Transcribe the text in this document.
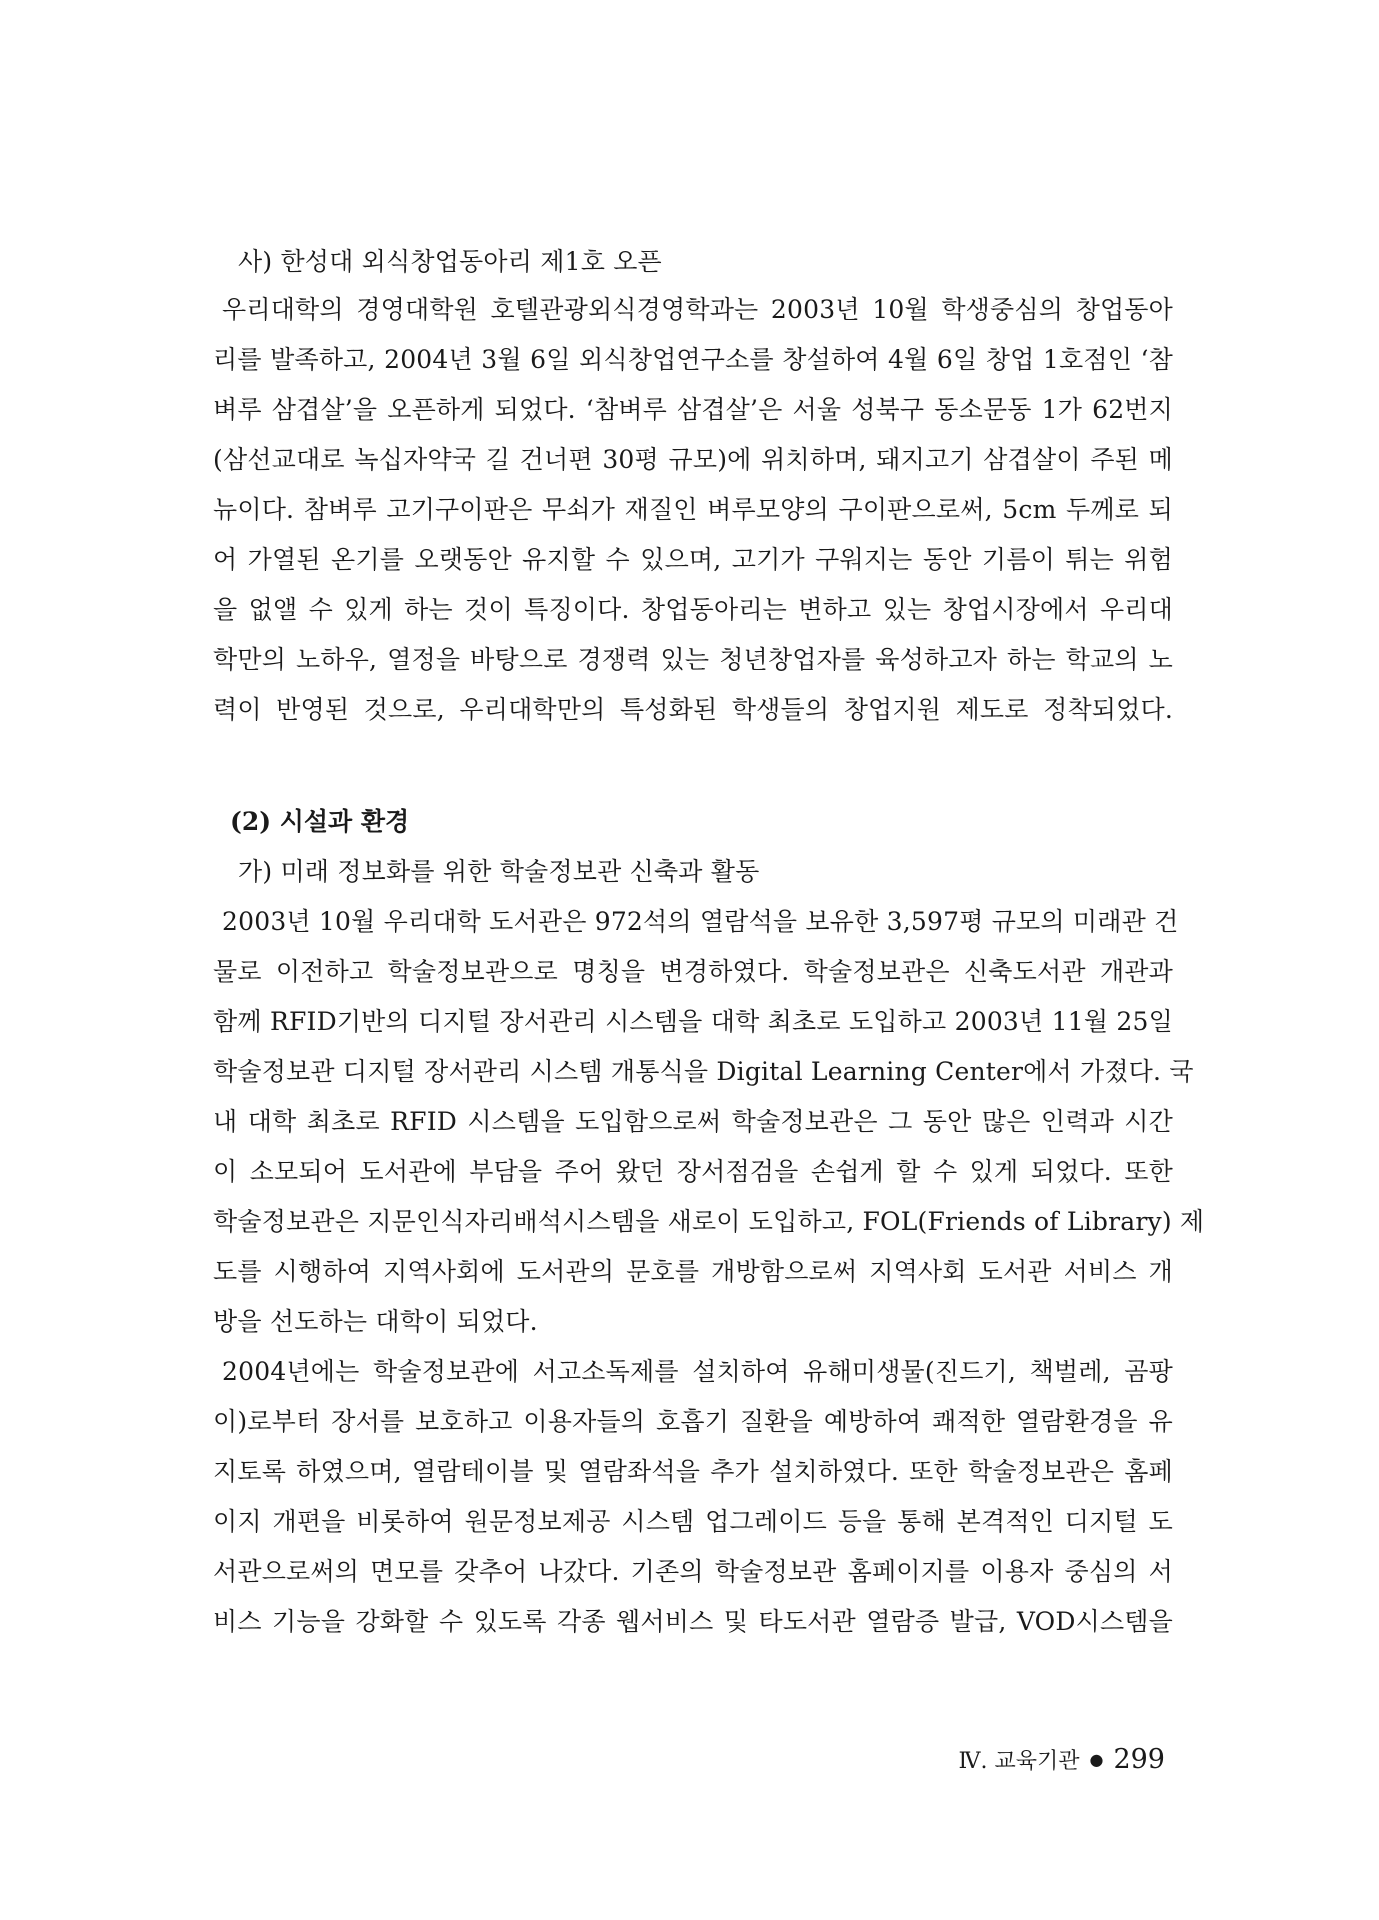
사) 한성대 외식창업동아리 제1호 오픈
우리대학의 경영대학원 호텔관광외식경영학과는 2003년 10월 학생중심의 창업동아
리를 발족하고, 2004년 3월 6일 외식창업연구소를 창설하여 4월 6일 창업 1호점인 ‘참
벼루 삼겹살’을 오픈하게 되었다. ‘참벼루 삼겹살’은 서울 성북구 동소문동 1가 62번지
(삼선교대로 녹십자약국 길 건너편 30평 규모)에 위치하며, 돼지고기 삼겹살이 주된 메
뉴이다. 참벼루 고기구이판은 무쇠가 재질인 벼루모양의 구이판으로써, 5cm 두께로 되
어 가열된 온기를 오랫동안 유지할 수 있으며, 고기가 구워지는 동안 기름이 튀는 위험
을 없앨 수 있게 하는 것이 특징이다. 창업동아리는 변하고 있는 창업시장에서 우리대
학만의 노하우, 열정을 바탕으로 경쟁력 있는 청년창업자를 육성하고자 하는 학교의 노
력이 반영된 것으로, 우리대학만의 특성화된 학생들의 창업지원 제도로 정착되었다.
(2) 시설과 환경
가) 미래 정보화를 위한 학술정보관 신축과 활동
2003년 10월 우리대학 도서관은 972석의 열람석을 보유한 3,597평 규모의 미래관 건
물로 이전하고 학술정보관으로 명칭을 변경하였다. 학술정보관은 신축도서관 개관과
함께 RFID기반의 디지털 장서관리 시스템을 대학 최초로 도입하고 2003년 11월 25일
학술정보관 디지털 장서관리 시스템 개통식을 Digital Learning Center에서 가졌다. 국
내 대학 최초로 RFID 시스템을 도입함으로써 학술정보관은 그 동안 많은 인력과 시간
이 소모되어 도서관에 부담을 주어 왔던 장서점검을 손쉽게 할 수 있게 되었다. 또한
학술정보관은 지문인식자리배석시스템을 새로이 도입하고, FOL(Friends of Library) 제
도를 시행하여 지역사회에 도서관의 문호를 개방함으로써 지역사회 도서관 서비스 개
방을 선도하는 대학이 되었다.
2004년에는 학술정보관에 서고소독제를 설치하여 유해미생물(진드기, 책벌레, 곰팡
이)로부터 장서를 보호하고 이용자들의 호흡기 질환을 예방하여 쾌적한 열람환경을 유
지토록 하였으며, 열람테이블 및 열람좌석을 추가 설치하였다. 또한 학술정보관은 홈페
이지 개편을 비롯하여 원문정보제공 시스템 업그레이드 등을 통해 본격적인 디지털 도
서관으로써의 면모를 갖추어 나갔다. 기존의 학술정보관 홈페이지를 이용자 중심의 서
비스 기능을 강화할 수 있도록 각종 웹서비스 및 타도서관 열람증 발급, VOD시스템을
Ⅳ. 교육기관 ● 299
